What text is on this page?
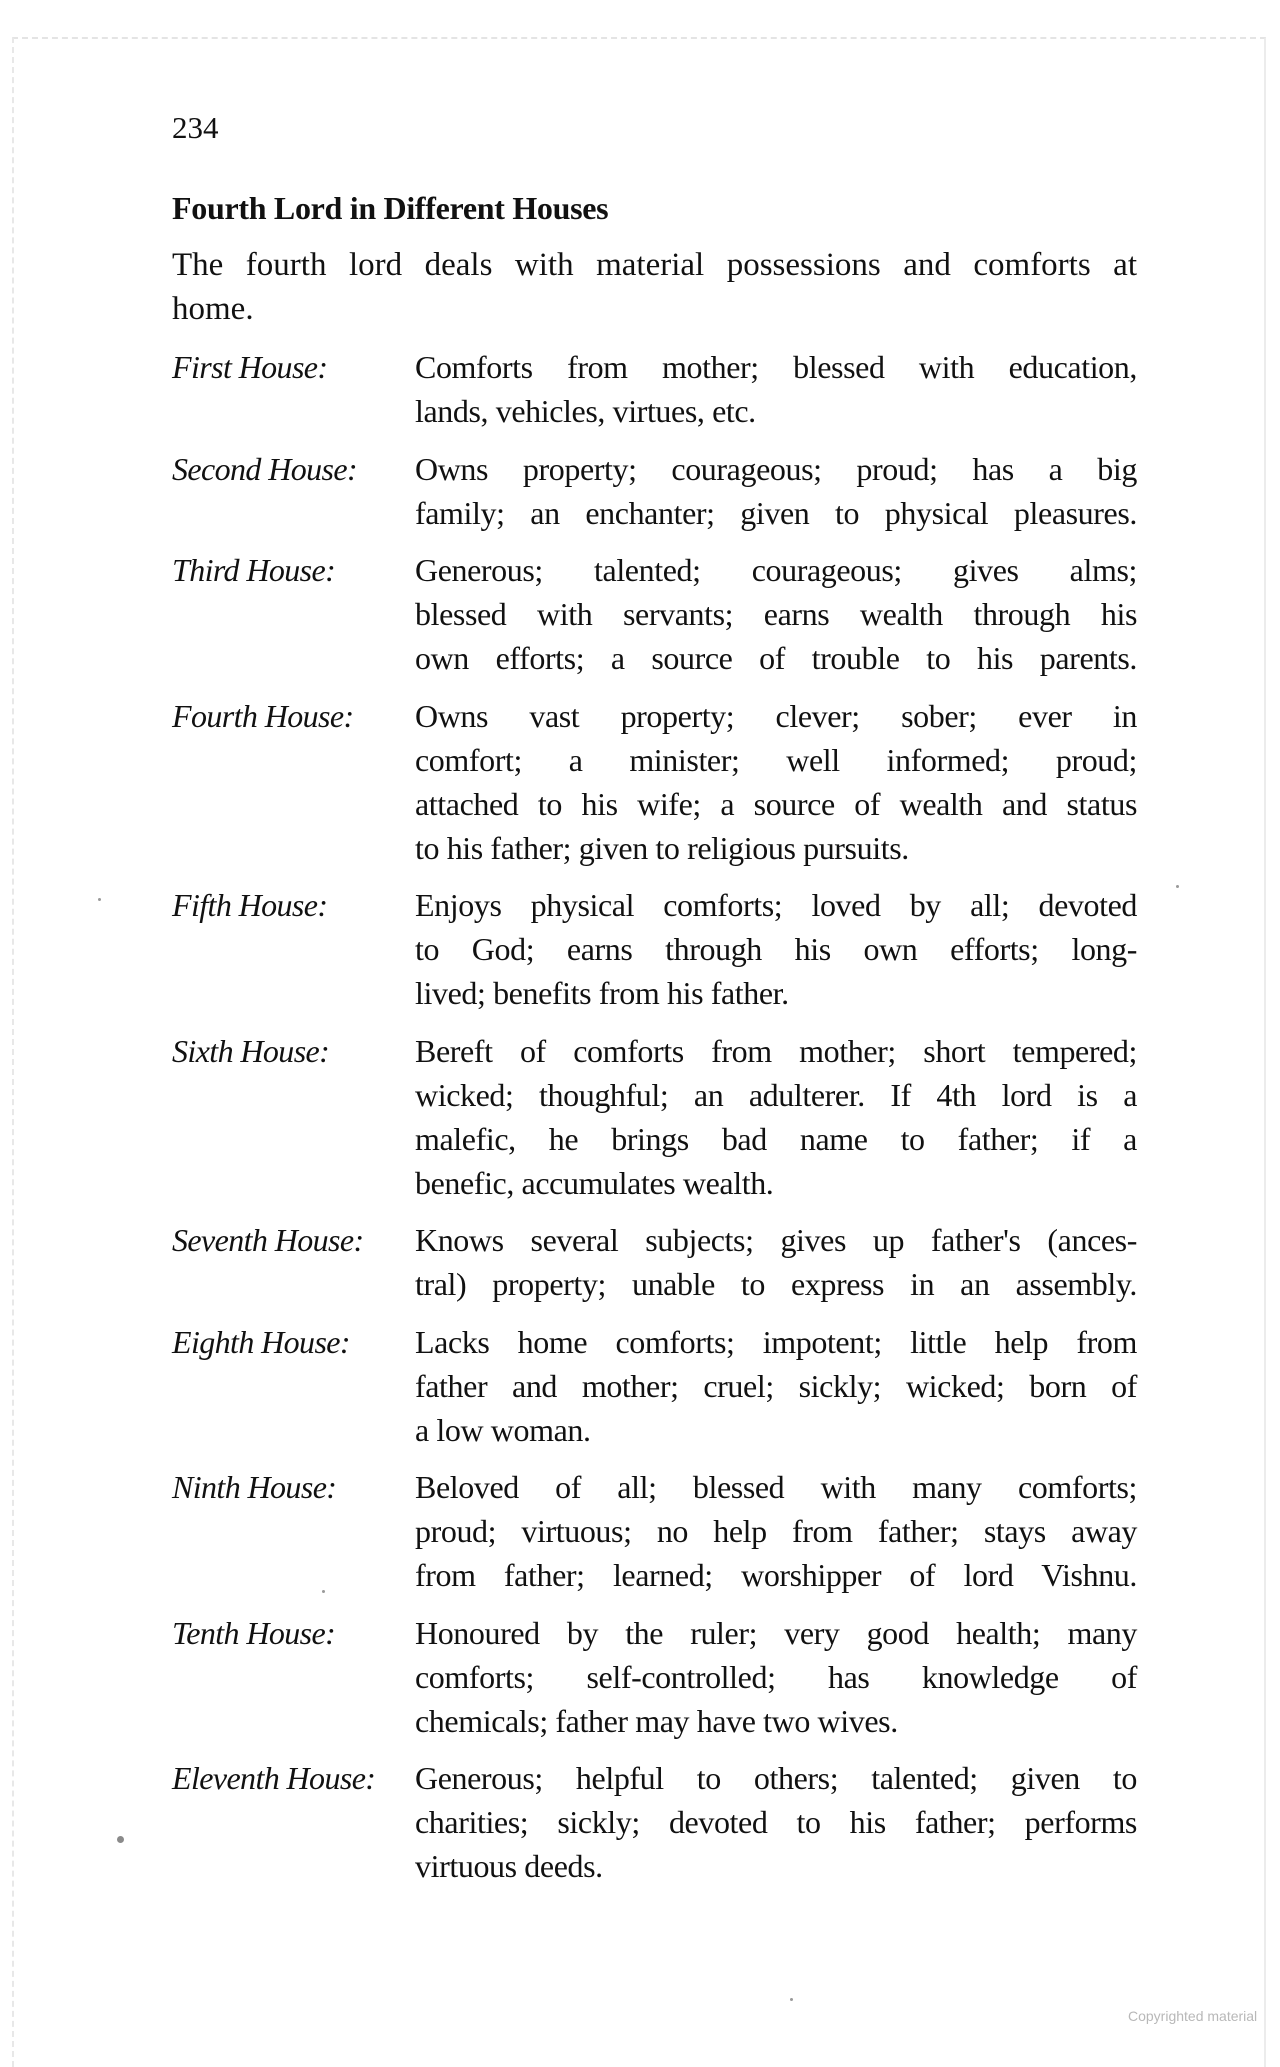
234
Fourth Lord in Different Houses
The fourth lord deals with material possessions and comforts at
home.
First House:	Comforts from mother; blessed with education,
lands, vehicles, virtues, etc.
Second House: Owns property; courageous; proud; has a big
family; an enchanter; given to physical pleasures.
Third House: Generous; talented; courageous; gives alms;
blessed with servants; earns wealth through his
own efforts; a source of trouble to his parents.
Fourth House: Owns vast property; clever; sober; ever in
comfort; a minister; well informed; proud;
attached to his wife; a source of wealth and status
to his father; given to religious pursuits.
Fifth House:	Enjoys physical comforts; loved by all; devoted
to God; earns through his own efforts; long-
lived; benefits from his father.
Sixth House:	Bereft of comforts from mother; short tempered;
wicked; thoughful; an adulterer. If 4th lord is a
malefic, he brings bad name to father; if a
benefic, accumulates wealth.
Seventh House: Knows several subjects; gives up father's (ances-
tral) property; unable to express in an assembly.
Eighth House: Lacks home comforts; impotent; little help from
father and mother; cruel; sickly; wicked; born of
a low woman.
Ninth House: Beloved of all; blessed with many comforts;
proud; virtuous; no help from father; stays away
from father; learned; worshipper of lord Vishnu.
Tenth House: Honoured by the ruler; very good health; many
comforts; self-controlled; has knowledge of
chemicals; father may have two wives.
Eleventh House: Generous; helpful to others; talented; given to
charities; sickly; devoted to his father; performs
virtuous deeds.
Copyrighted material
